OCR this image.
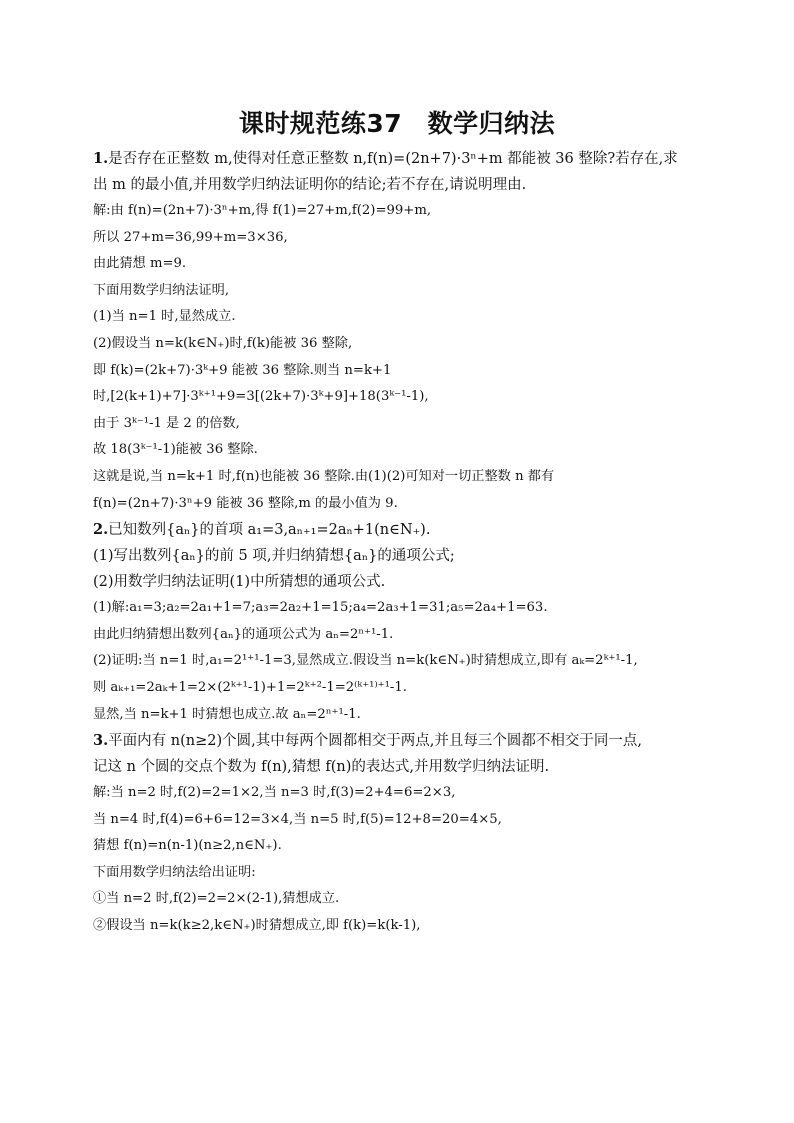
课时规范练37　数学归纳法

1.是否存在正整数 m,使得对任意正整数 n,f(n)=(2n+7)·3ⁿ+m 都能被 36 整除?若存在,求

出 m 的最小值,并用数学归纳法证明你的结论;若不存在,请说明理由.

解:由 f(n)=(2n+7)·3ⁿ+m,得 f(1)=27+m,f(2)=99+m,

所以 27+m=36,99+m=3×36,

由此猜想 m=9.

下面用数学归纳法证明,

(1)当 n=1 时,显然成立.

(2)假设当 n=k(k∈N₊)时,f(k)能被 36 整除,

即 f(k)=(2k+7)·3ᵏ+9 能被 36 整除.则当 n=k+1

时,[2(k+1)+7]·3ᵏ⁺¹+9=3[(2k+7)·3ᵏ+9]+18(3ᵏ⁻¹-1),

由于 3ᵏ⁻¹-1 是 2 的倍数,

故 18(3ᵏ⁻¹-1)能被 36 整除.

这就是说,当 n=k+1 时,f(n)也能被 36 整除.由(1)(2)可知对一切正整数 n 都有

f(n)=(2n+7)·3ⁿ+9 能被 36 整除,m 的最小值为 9.

2.已知数列{aₙ}的首项 a₁=3,aₙ₊₁=2aₙ+1(n∈N₊).

(1)写出数列{aₙ}的前 5 项,并归纳猜想{aₙ}的通项公式;

(2)用数学归纳法证明(1)中所猜想的通项公式.

(1)解:a₁=3;a₂=2a₁+1=7;a₃=2a₂+1=15;a₄=2a₃+1=31;a₅=2a₄+1=63.

由此归纳猜想出数列{aₙ}的通项公式为 aₙ=2ⁿ⁺¹-1.

(2)证明:当 n=1 时,a₁=2¹⁺¹-1=3,显然成立.假设当 n=k(k∈N₊)时猜想成立,即有 aₖ=2ᵏ⁺¹-1,

则 aₖ₊₁=2aₖ+1=2×(2ᵏ⁺¹-1)+1=2ᵏ⁺²-1=2⁽ᵏ⁺¹⁾⁺¹-1.

显然,当 n=k+1 时猜想也成立.故 aₙ=2ⁿ⁺¹-1.

3.平面内有 n(n≥2)个圆,其中每两个圆都相交于两点,并且每三个圆都不相交于同一点,

记这 n 个圆的交点个数为 f(n),猜想 f(n)的表达式,并用数学归纳法证明.

解:当 n=2 时,f(2)=2=1×2,当 n=3 时,f(3)=2+4=6=2×3,

当 n=4 时,f(4)=6+6=12=3×4,当 n=5 时,f(5)=12+8=20=4×5,

猜想 f(n)=n(n-1)(n≥2,n∈N₊).

下面用数学归纳法给出证明:

①当 n=2 时,f(2)=2=2×(2-1),猜想成立.

②假设当 n=k(k≥2,k∈N₊)时猜想成立,即 f(k)=k(k-1),
